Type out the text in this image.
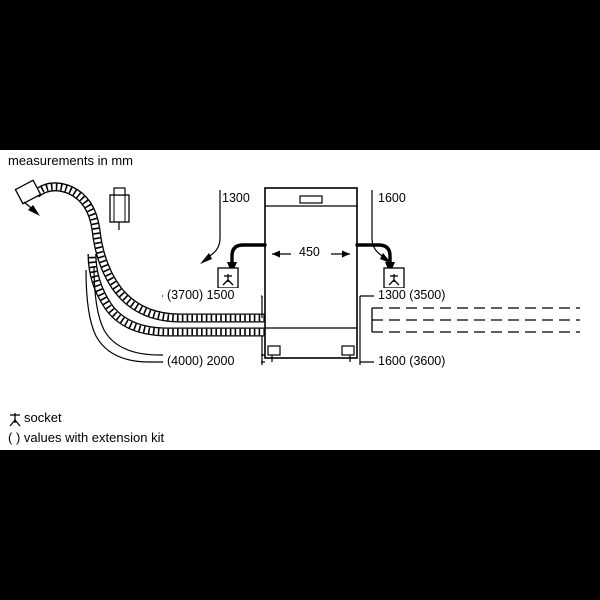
measurements in mm
1300	1600
450
(3700) 1500	1300 (3500)
(4000) 2000	1600 (3600)
socket
( ) values with extension kit
